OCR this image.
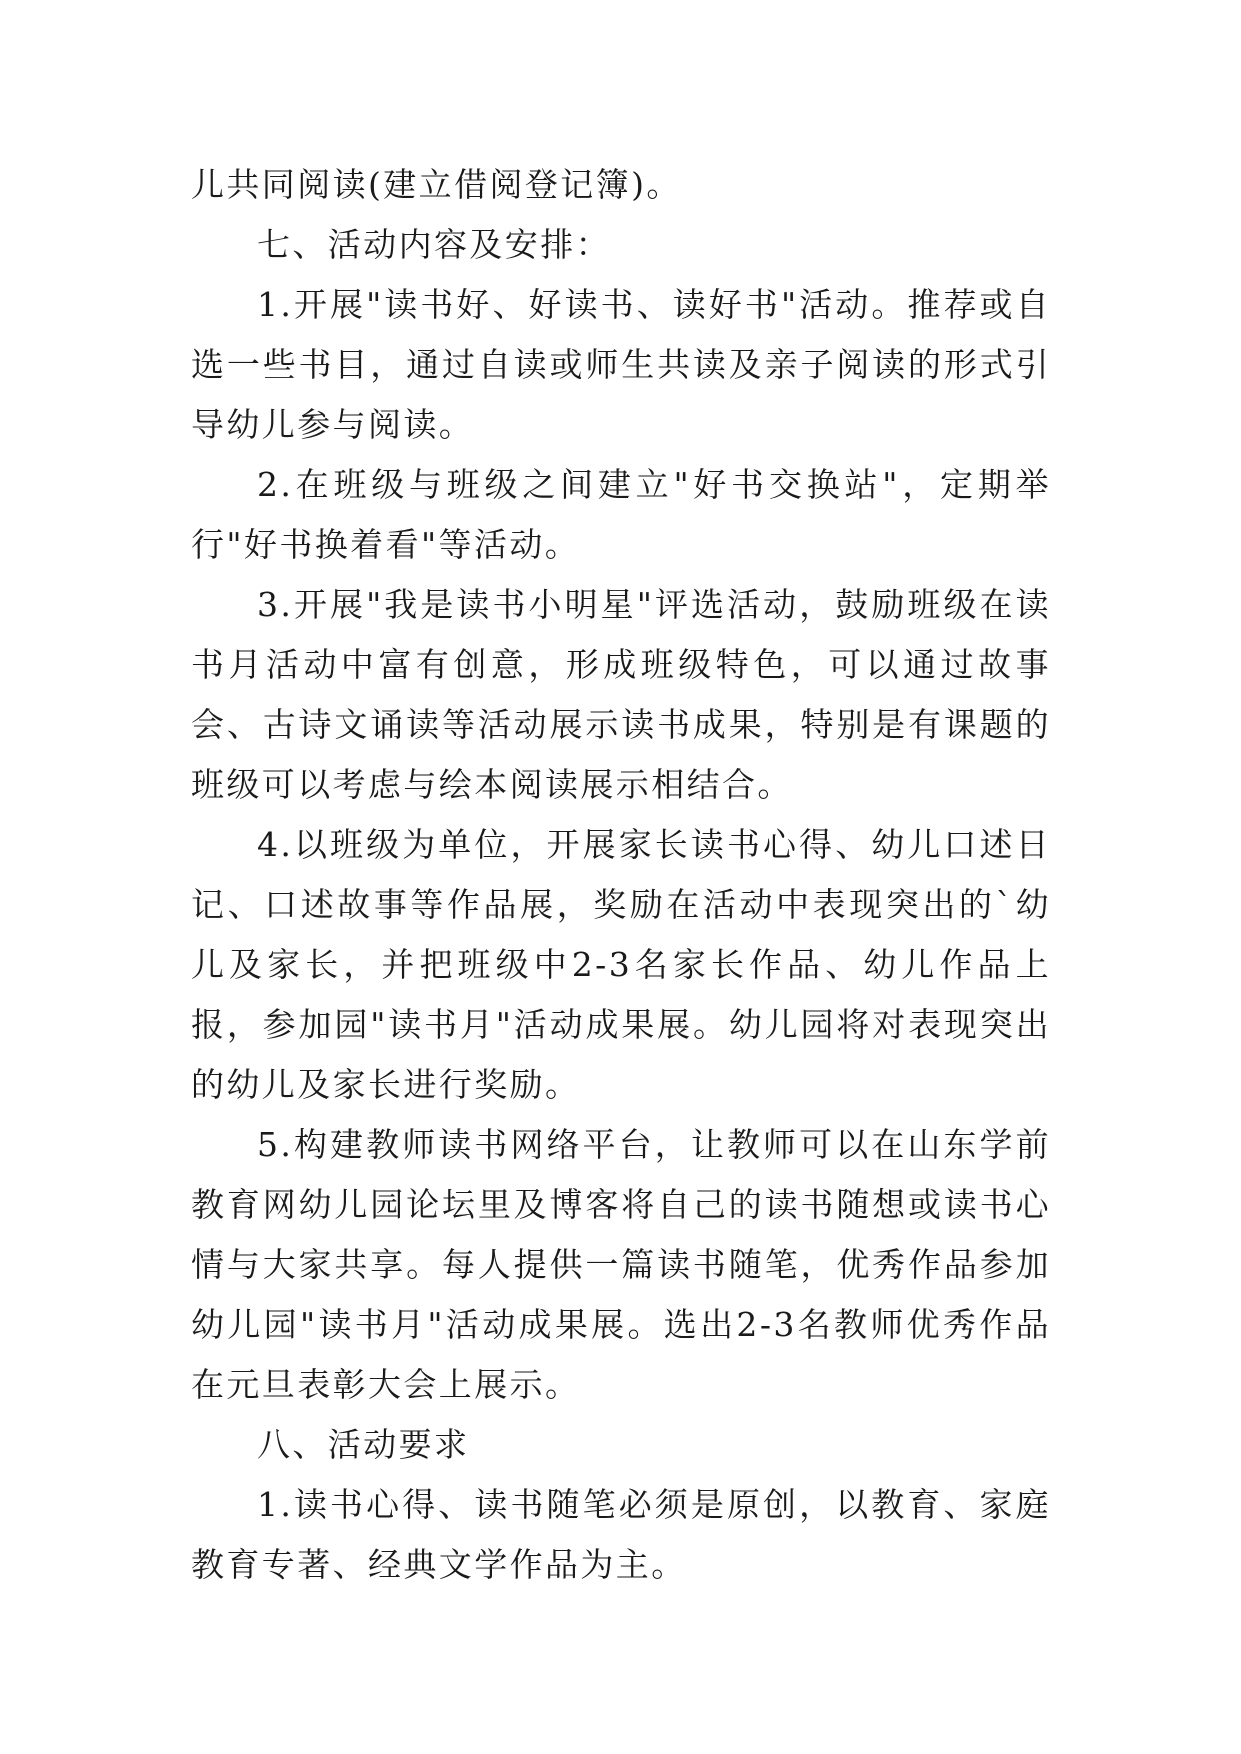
儿共同阅读(建立借阅登记簿)。

七、活动内容及安排：

1.开展"读书好、好读书、读好书"活动。推荐或自选一些书目，通过自读或师生共读及亲子阅读的形式引导幼儿参与阅读。

2.在班级与班级之间建立"好书交换站"，定期举行"好书换着看"等活动。

3.开展"我是读书小明星"评选活动，鼓励班级在读书月活动中富有创意，形成班级特色，可以通过故事会、古诗文诵读等活动展示读书成果，特别是有课题的班级可以考虑与绘本阅读展示相结合。

4.以班级为单位，开展家长读书心得、幼儿口述日记、口述故事等作品展，奖励在活动中表现突出的`幼儿及家长，并把班级中2-3名家长作品、幼儿作品上报，参加园"读书月"活动成果展。幼儿园将对表现突出的幼儿及家长进行奖励。

5.构建教师读书网络平台，让教师可以在山东学前教育网幼儿园论坛里及博客将自己的读书随想或读书心情与大家共享。每人提供一篇读书随笔，优秀作品参加幼儿园"读书月"活动成果展。选出2-3名教师优秀作品在元旦表彰大会上展示。

八、活动要求

1.读书心得、读书随笔必须是原创，以教育、家庭教育专著、经典文学作品为主。
